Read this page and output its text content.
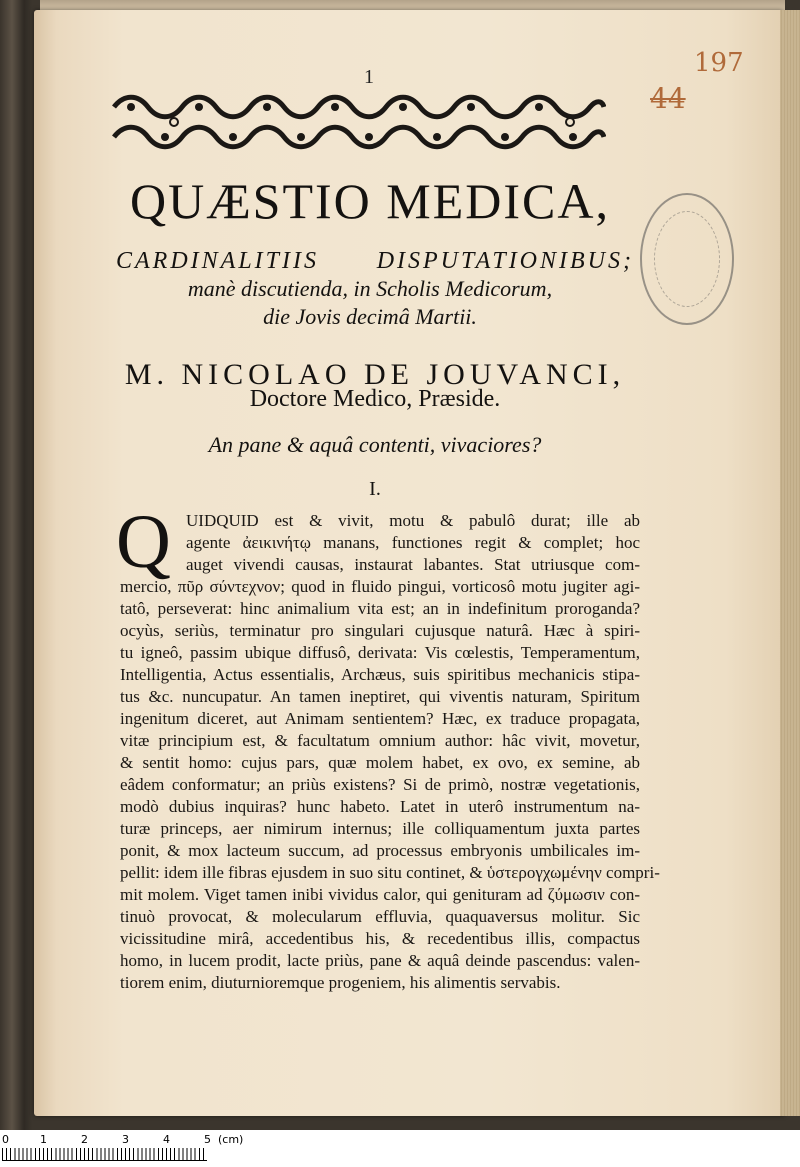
1	197
44
QUÆSTIO MEDICA,
CARDINALITIIS DISPUTATIONIBUS;
manè discutienda, in Scholis Medicorum,
die Jovis decimâ Martii.
M. NICOLAO DE JOUVANCI,
Doctore Medico, Præside.
An pane & aquâ contenti, vivaciores?
I.
Q UIDQUID est & vivit, motu & pabulô durat; ille ab
agente ἀεικινήτῳ manans, functiones regit & complet; hoc
auget vivendi causas, instaurat labantes. Stat utriusque com-
mercio, πῦρ σύντεχνον; quod in fluido pingui, vorticosô motu jugiter agi-
tatô, perseverat: hinc animalium vita est; an in indefinitum proroganda?
ocyùs, seriùs, terminatur pro singulari cujusque naturâ. Hæc à spiri-
tu igneô, passim ubique diffusô, derivata: Vis cœlestis, Temperamentum,
Intelligentia, Actus essentialis, Archæus, suis spiritibus mechanicis stipa-
tus &c. nuncupatur. An tamen ineptiret, qui viventis naturam, Spiritum
ingenitum diceret, aut Animam sentientem? Hæc, ex traduce propagata,
vitæ principium est, & facultatum omnium author: hâc vivit, movetur,
& sentit homo: cujus pars, quæ molem habet, ex ovo, ex semine, ab
eâdem conformatur; an priùs existens? Si de primò, nostræ vegetationis,
modò dubius inquiras? hunc habeto. Latet in uterô instrumentum na-
turæ princeps, aer nimirum internus; ille colliquamentum juxta partes
ponit, & mox lacteum succum, ad processus embryonis umbilicales im-
pellit: idem ille fibras ejusdem in suo situ continet, & ὑστερογχωμένην compri-
mit molem. Viget tamen inibi vividus calor, qui genituram ad ζύμωσιν con-
tinuò provocat, & molecularum effluvia, quaquaversus molitur. Sic
vicissitudine mirâ, accedentibus his, & recedentibus illis, compactus
homo, in lucem prodit, lacte priùs, pane & aquâ deinde pascendus: valen-
tiorem enim, diuturnioremque progeniem, his alimentis servabis.
0	1	2	3	4	5 (cm)
